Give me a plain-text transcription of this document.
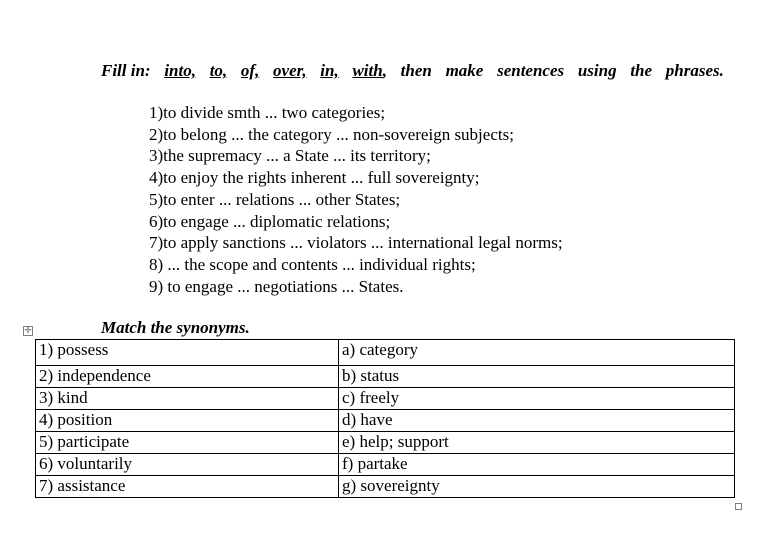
Fill in: into, to, of, over, in, with, then make sentences using the phrases.
1)to divide smth ... two categories;
2)to belong ... the category ... non-sovereign subjects;
3)the supremacy ... a State ... its territory;
4)to enjoy the rights inherent ... full sovereignty;
5)to enter ... relations ... other States;
6)to engage ... diplomatic relations;
7)to apply sanctions ... violators ... international legal norms;
8) ... the scope and contents ... individual rights;
9) to engage ... negotiations ... States.
✛	Match the synonyms.
1) possess	a) category
2) independence	b) status
3) kind	c) freely
4) position	d) have
5) participate	e) help; support
6) voluntarily	f) partake
7) assistance	g) sovereignty
